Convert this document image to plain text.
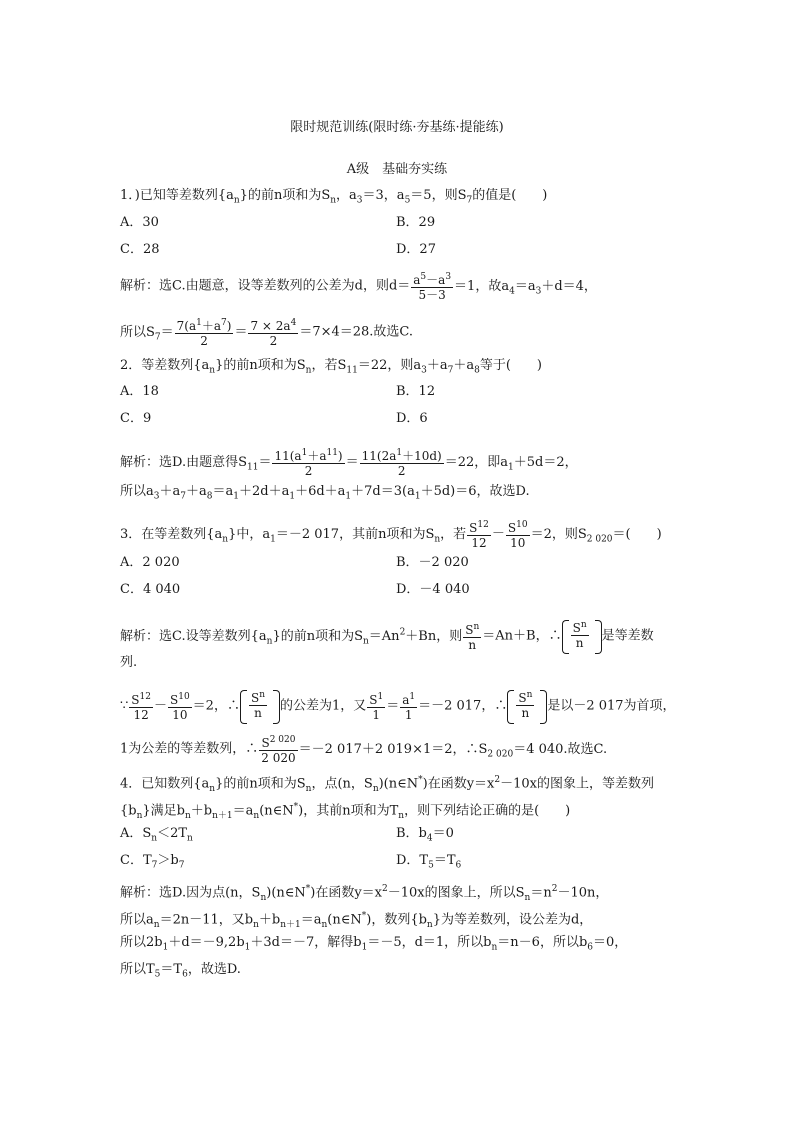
限时规范训练(限时练·夯基练·提能练)
A级　基础夯实练
1．)已知等差数列$\{a_n\}$的前n项和为$S_n$，$a_3=3$，$a_5=5$，则$S_7$的值是(　　)
A．30	B．29
C．28	D．27
解析：选C.由题意，设等差数列的公差为d，则$d= \frac{a^5-a^3}{5-3} =1$，故$a_4=a_3+d=4$，
所以$S_7= \frac{7(a^1+a^7)}{2} = \frac{7 \times 2a^4}{2} =7\times 4=28$.故选C.
2．等差数列$\{a_n\}$的前n项和为$S_n$，若$S_{11}=22$，则$a_3+a_7+a_8$等于(　　)
A．18	B．12
C．9	D．6
解析：选D.由题意得$S_{11}= \frac{11(a^1+a^{11})}{2} = \frac{11(2a^1+10d)}{2} =22$，即$a_1+5d=2$，
所以$a_3+a_7+a_8=a_1+2d+a_1+6d+a_1+7d=3(a_1+5d)=6$，故选D.
3．在等差数列$\{a_n\}$中，$a_1=-2$ 017，其前n项和为$S_n$，若 $\frac{S^{12}}{12} - \frac{S^{10}}{10} =2$，则$S_{2 020}=$(　　)
A．2 020	B．－2 020
C．4 040	D．－4 040
解析：选C.设等差数列$\{a_n\}$的前n项和为$S_n=An^2+Bn$，则 $\frac{S^n}{n} =An+B$，∴ $\frac{S^n}{n}$ 是等差数
列.
∵ $\frac{S^{12}}{12} - \frac{S^{10}}{10} =2$，∴ $\frac{S^n}{n}$ 的公差为1，又 $\frac{S^1}{1} = \frac{a^1}{1} =-2$ 017，∴ $\frac{S^n}{n}$ 是以－2 017为首项，
1为公差的等差数列，∴ $\frac{S^{2 020}}{2 020} =-2$ 017＋2 019×1＝2，$\therefore S_{2 020}=4$ 040.故选C.
4．已知数列$\{a_n\}$的前n项和为$S_n$，点(n，$S_n)(n\in N^*)$在函数$y=x^2-10x$的图象上，等差数列
$\{b_n\}$满足$b_n+b_{n+1}=a_n(n\in N^*)$，其前n项和为$T_n$，则下列结论正确的是(　　)
A．$S_n<2T_n$	B．$b_4=0$
C．$T_7>b_7$	D．$T_5=T_6$
解析：选D.因为点(n，$S_n)(n\in N^*)$在函数$y=x^2-10x$的图象上，所以$S_n=n^2-10n$，
所以$a_n=2n-11$，又$b_n+b_{n+1}=a_n(n\in N^*)$，数列$\{b_n\}$为等差数列，设公差为d，
所以$2b_1+d=-9,2b_1+3d=-7$，解得$b_1=-5$，d＝1，所以$b_n=n-6$，所以$b_6=0$，
所以$T_5=T_6$，故选D.
